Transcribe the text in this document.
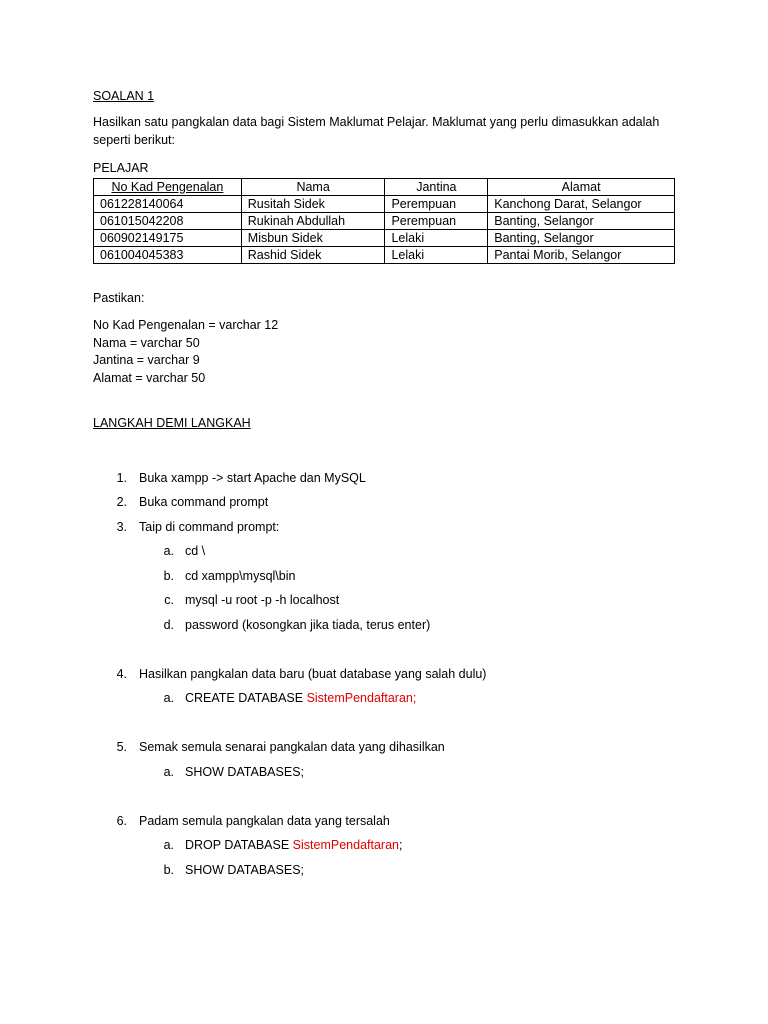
SOALAN 1
Hasilkan satu pangkalan data bagi Sistem Maklumat Pelajar. Maklumat yang perlu dimasukkan adalah
seperti berikut:
PELAJAR
No Kad Pengenalan	Nama	Jantina	Alamat
061228140064	Rusitah Sidek	Perempuan	Kanchong Darat, Selangor
061015042208	Rukinah Abdullah	Perempuan	Banting, Selangor
060902149175	Misbun Sidek	Lelaki	Banting, Selangor
061004045383	Rashid Sidek	Lelaki	Pantai Morib, Selangor
Pastikan:
No Kad Pengenalan = varchar 12
Nama = varchar 50
Jantina = varchar 9
Alamat = varchar 50
LANGKAH DEMI LANGKAH
1. Buka xampp -> start Apache dan MySQL
2. Buka command prompt
3. Taip di command prompt:
a. cd \
b. cd xampp\mysql\bin
c. mysql -u root -p -h localhost
d. password (kosongkan jika tiada, terus enter)
4. Hasilkan pangkalan data baru (buat database yang salah dulu)
a. CREATE DATABASE SistemPendaftaran;
5. Semak semula senarai pangkalan data yang dihasilkan
a. SHOW DATABASES;
6. Padam semula pangkalan data yang tersalah
a. DROP DATABASE SistemPendaftaran;
b. SHOW DATABASES;
